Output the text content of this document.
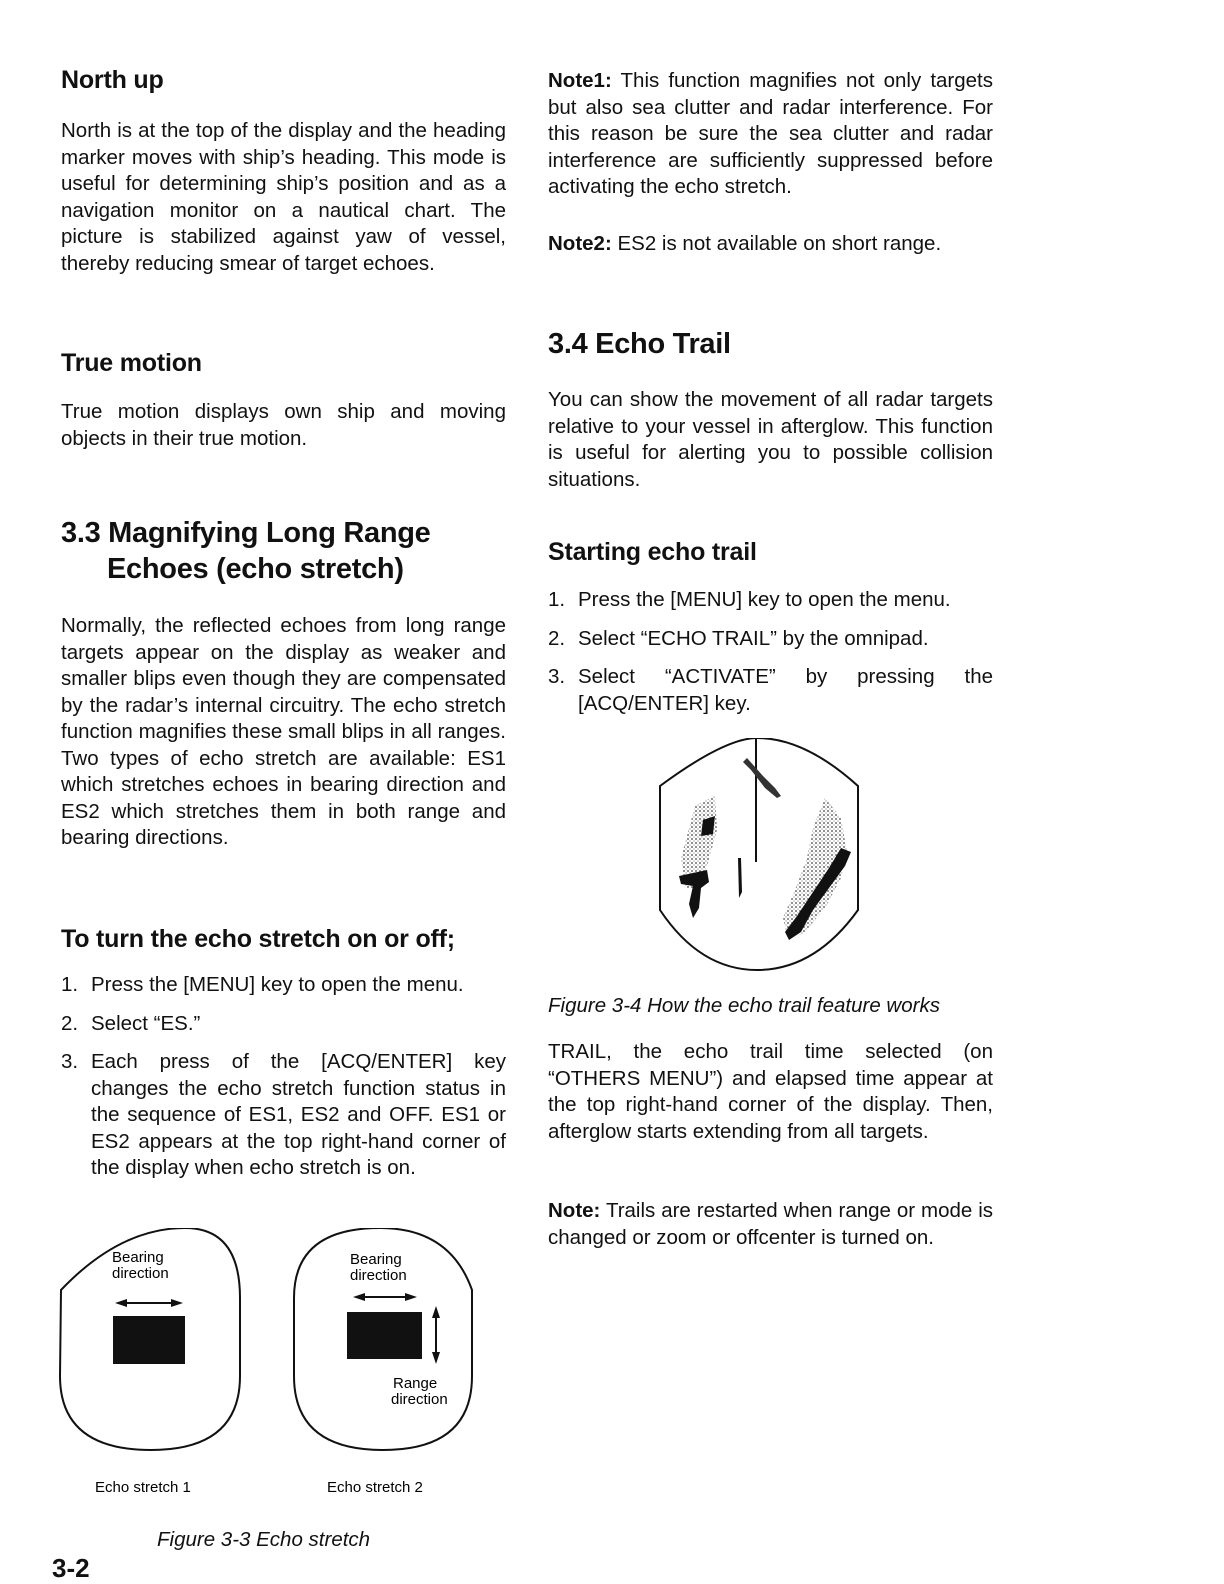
North up

North is at the top of the display and the heading marker moves with ship’s heading. This mode is useful for determining ship’s position and as a navigation monitor on a nautical chart. The picture is stabilized against yaw of vessel, thereby reducing smear of target echoes.

True motion

True motion displays own ship and moving objects in their true motion.

3.3 Magnifying Long Range
Echoes (echo stretch)

Normally, the reflected echoes from long range targets appear on the display as weaker and smaller blips even though they are compensated by the radar’s internal circuitry. The echo stretch function magnifies these small blips in all ranges. Two types of echo stretch are available: ES1 which stretches echoes in bearing direction and ES2 which stretches them in both range and bearing directions.

To turn the echo stretch on or off;
1. Press the [MENU] key to open the menu.
2. Select “ES.”
3. Each press of the [ACQ/ENTER] key changes the echo stretch function status in the sequence of ES1, ES2 and OFF. ES1 or ES2 appears at the top right-hand corner of the display when echo stretch is on.
Bearing
direction
Bearing
direction
Range
direction
Echo stretch 1	Echo stretch 2
Figure 3-3 Echo stretch
3-2

Note1: This function magnifies not only targets but also sea clutter and radar interference. For this reason be sure the sea clutter and radar interference are sufficiently suppressed before activating the echo stretch.

Note2: ES2 is not available on short range.

3.4 Echo Trail

You can show the movement of all radar targets relative to your vessel in afterglow. This function is useful for alerting you to possible collision situations.

Starting echo trail
1. Press the [MENU] key to open the menu.
2. Select “ECHO TRAIL” by the omnipad.
3. Select “ACTIVATE” by pressing the [ACQ/ENTER] key.
Figure 3-4 How the echo trail feature works

TRAIL, the echo trail time selected (on “OTHERS MENU”) and elapsed time appear at the top right-hand corner of the display. Then, afterglow starts extending from all targets.

Note: Trails are restarted when range or mode is changed or zoom or offcenter is turned on.
